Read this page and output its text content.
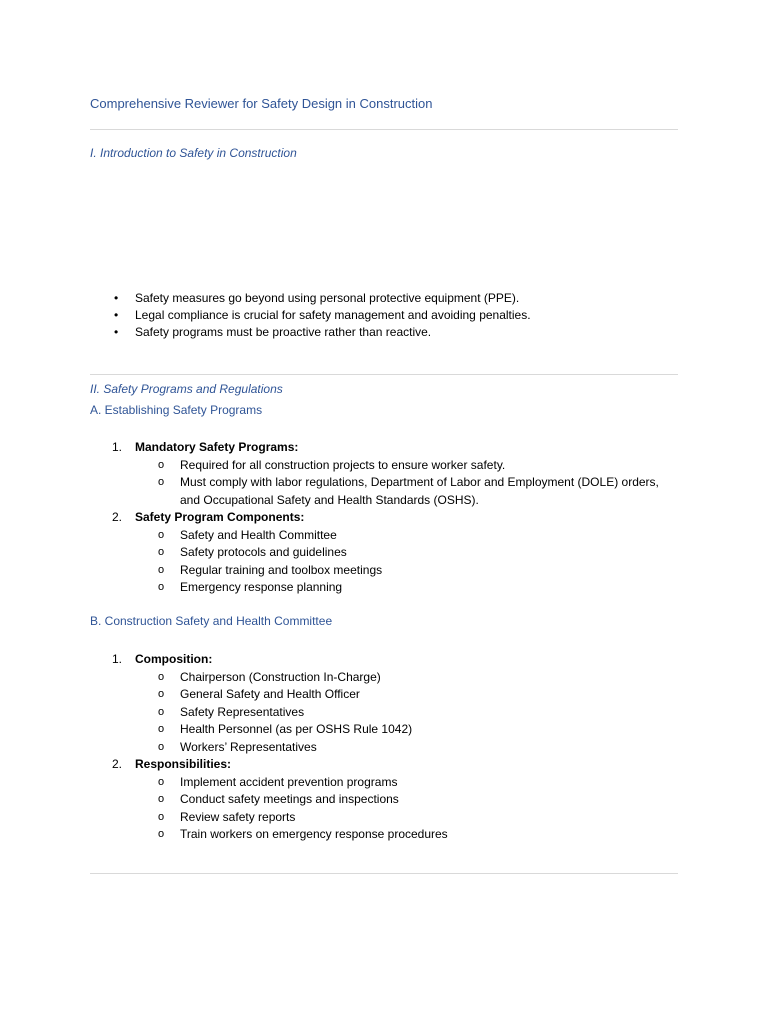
Comprehensive Reviewer for Safety Design in Construction
I. Introduction to Safety in Construction
• Safety measures go beyond using personal protective equipment (PPE).
• Legal compliance is crucial for safety management and avoiding penalties.
• Safety programs must be proactive rather than reactive.
II. Safety Programs and Regulations
A. Establishing Safety Programs
1. Mandatory Safety Programs:
o Required for all construction projects to ensure worker safety.
o Must comply with labor regulations, Department of Labor and Employment (DOLE) orders, and Occupational Safety and Health Standards (OSHS).
2. Safety Program Components:
o Safety and Health Committee
o Safety protocols and guidelines
o Regular training and toolbox meetings
o Emergency response planning
B. Construction Safety and Health Committee
1. Composition:
o Chairperson (Construction In-Charge)
o General Safety and Health Officer
o Safety Representatives
o Health Personnel (as per OSHS Rule 1042)
o Workers’ Representatives
2. Responsibilities:
o Implement accident prevention programs
o Conduct safety meetings and inspections
o Review safety reports
o Train workers on emergency response procedures
